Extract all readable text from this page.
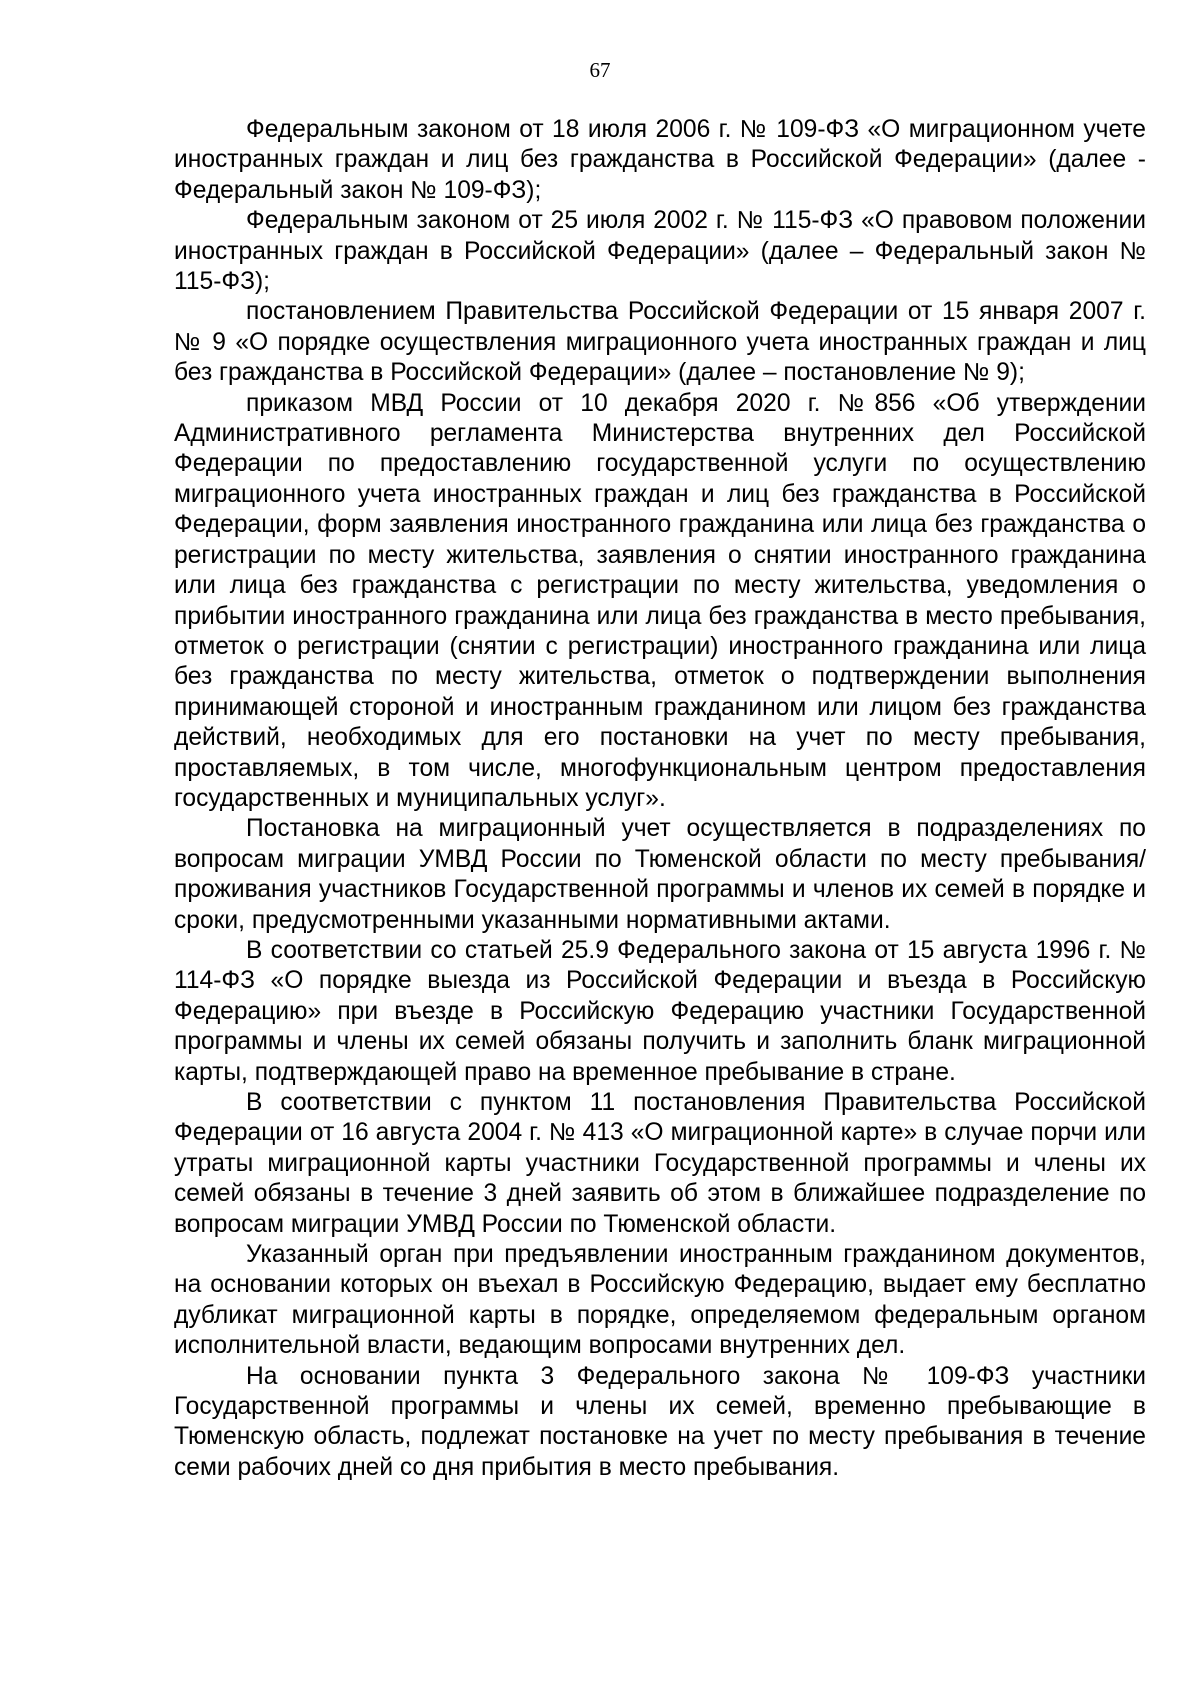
67

Федеральным законом от 18 июля 2006 г. № 109-ФЗ «О миграционном учете иностранных граждан и лиц без гражданства в Российской Федерации» (далее - Федеральный закон № 109-ФЗ);

Федеральным законом от 25 июля 2002 г. № 115-ФЗ «О правовом положении иностранных граждан в Российской Федерации» (далее – Федеральный закон № 115-ФЗ);

постановлением Правительства Российской Федерации от 15 января 2007 г. № 9 «О порядке осуществления миграционного учета иностранных граждан и лиц без гражданства в Российской Федерации» (далее – постановление № 9);

приказом МВД России от 10 декабря 2020 г. №856 «Об утверждении Административного регламента Министерства внутренних дел Российской Федерации по предоставлению государственной услуги по осуществлению миграционного учета иностранных граждан и лиц без гражданства в Российской Федерации, форм заявления иностранного гражданина или лица без гражданства о регистрации по месту жительства, заявления о снятии иностранного гражданина или лица без гражданства с регистрации по месту жительства, уведомления о прибытии иностранного гражданина или лица без гражданства в место пребывания, отметок о регистрации (снятии с регистрации) иностранного гражданина или лица без гражданства по месту жительства, отметок о подтверждении выполнения принимающей стороной и иностранным гражданином или лицом без гражданства действий, необходимых для его постановки на учет по месту пребывания, проставляемых, в том числе, многофункциональным центром предоставления государственных и муниципальных услуг».

Постановка на миграционный учет осуществляется в подразделениях по вопросам миграции УМВД России по Тюменской области по месту пребывания/проживания участников Государственной программы и членов их семей в порядке и сроки, предусмотренными указанными нормативными актами.

В соответствии со статьей 25.9 Федерального закона от 15 августа 1996 г. № 114-ФЗ «О порядке выезда из Российской Федерации и въезда в Российскую Федерацию» при въезде в Российскую Федерацию участники Государственной программы и члены их семей обязаны получить и заполнить бланк миграционной карты, подтверждающей право на временное пребывание в стране.

В соответствии с пунктом 11 постановления Правительства Российской Федерации от 16 августа 2004 г. № 413 «О миграционной карте» в случае порчи или утраты миграционной карты участники Государственной программы и члены их семей обязаны в течение 3 дней заявить об этом в ближайшее подразделение по вопросам миграции УМВД России по Тюменской области.

Указанный орган при предъявлении иностранным гражданином документов, на основании которых он въехал в Российскую Федерацию, выдает ему бесплатно дубликат миграционной карты в порядке, определяемом федеральным органом исполнительной власти, ведающим вопросами внутренних дел.

На основании пункта 3 Федерального закона № 109-ФЗ участники Государственной программы и члены их семей, временно пребывающие в Тюменскую область, подлежат постановке на учет по месту пребывания в течение семи рабочих дней со дня прибытия в место пребывания.
